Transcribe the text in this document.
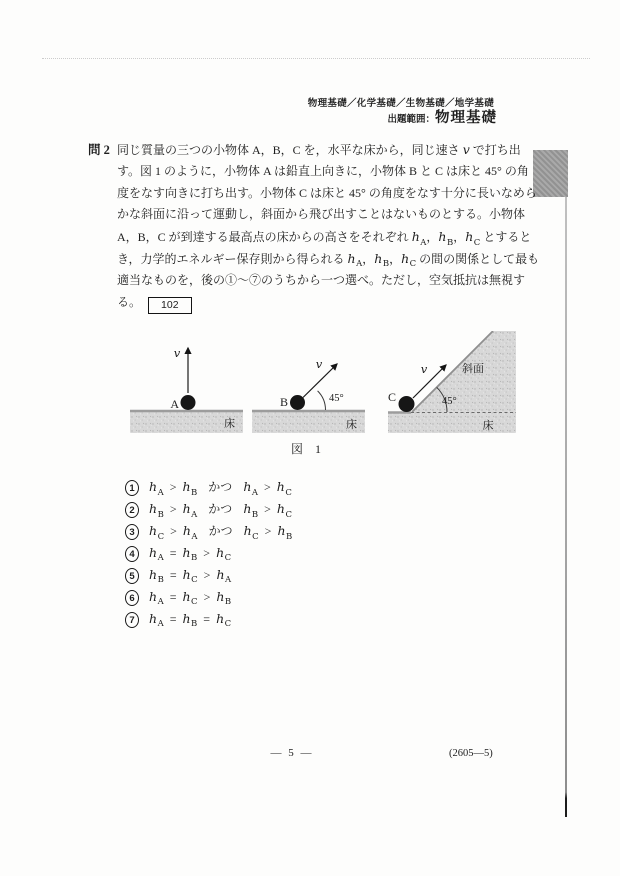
物理基礎／化学基礎／生物基礎／地学基礎
出題範囲：物理基礎
問 2 同じ質量の三つの小物体 A，B，C を，水平な床から，同じ速さ v で打ち出
す。図 1 のように，小物体 A は鉛直上向きに，小物体 B と C は床と 45° の角
度をなす向きに打ち出す。小物体 C は床と 45° の角度をなす十分に長いなめら
かな斜面に沿って運動し，斜面から飛び出すことはないものとする。小物体
A，B，C が到達する最高点の床からの高さをそれぞれ $h_A$，$h_B$，$h_C$ とすると
き，力学的エネルギー保存則から得られる $h_A$，$h_B$，$h_C$ の間の関係として最も
適当なものを，後の①～⑦のうちから一つ選べ。ただし，空気抵抗は無視す
る。 102
床
v
A
床
v
45°
B
斜面
床
v
45°
C
図　1
1	$h_A > h_B$ かつ $h_A > h_C$
2	$h_B > h_A$ かつ $h_B > h_C$
3	$h_C > h_A$ かつ $h_C > h_B$
4	$h_A = h_B > h_C$
5	$h_B = h_C > h_A$
6	$h_A = h_C > h_B$
7	$h_A = h_B = h_C$
— 5 —	(2605—5)
